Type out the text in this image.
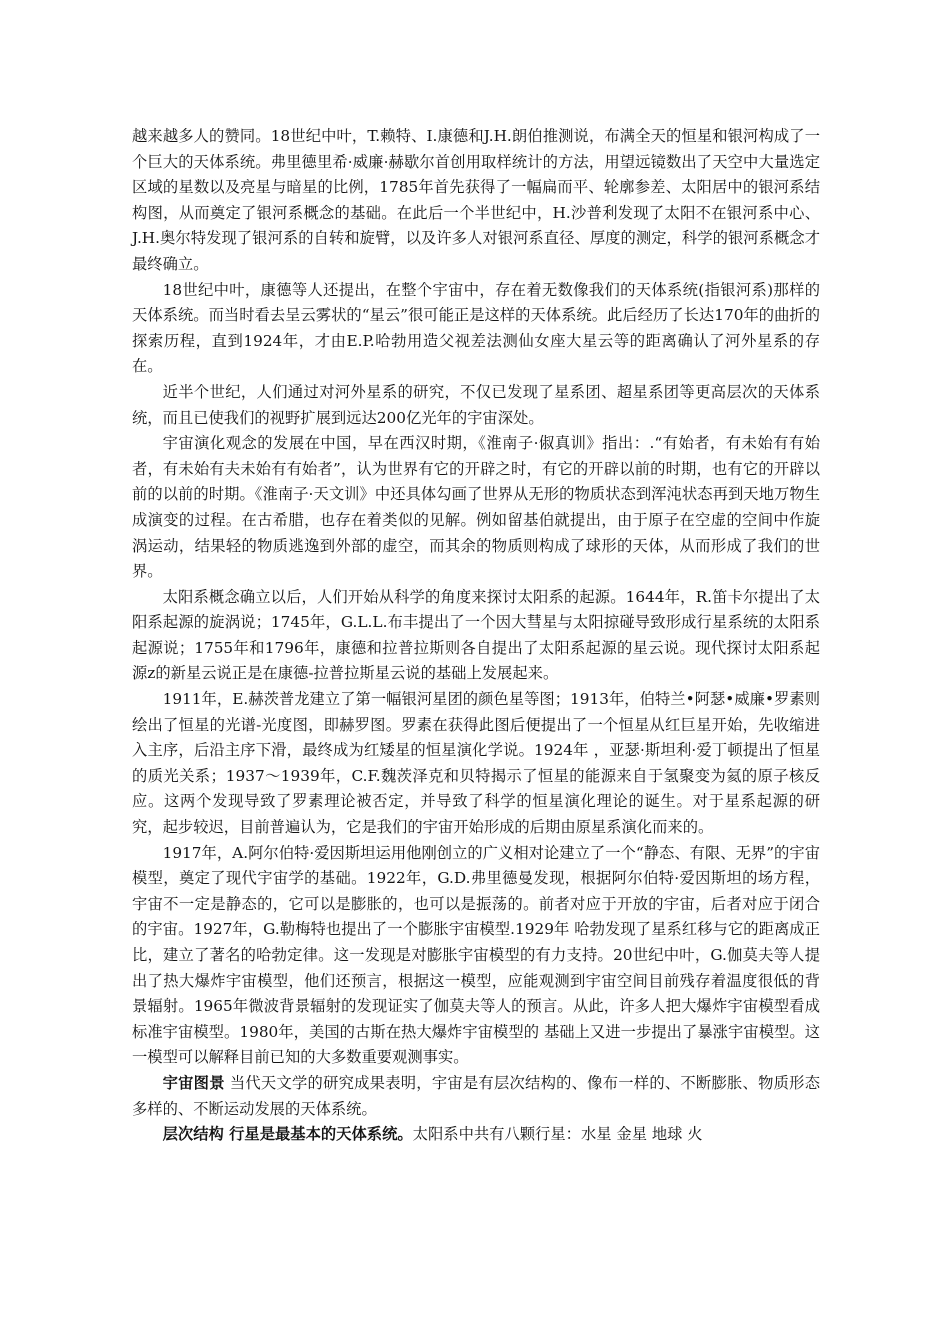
越来越多人的赞同。18世纪中叶，T.赖特、I.康德和J.H.朗伯推测说，布满全天的恒星和银河构成了一个巨大的天体系统。弗里德里希·威廉·赫歇尔首创用取样统计的方法，用望远镜数出了天空中大量选定区域的星数以及亮星与暗星的比例，1785年首先获得了一幅扁而平、轮廓参差、太阳居中的银河系结构图，从而奠定了银河系概念的基础。在此后一个半世纪中，H.沙普利发现了太阳不在银河系中心、J.H.奥尔特发现了银河系的自转和旋臂，以及许多人对银河系直径、厚度的测定，科学的银河系概念才最终确立。

18世纪中叶，康德等人还提出，在整个宇宙中，存在着无数像我们的天体系统(指银河系)那样的天体系统。而当时看去呈云雾状的“星云”很可能正是这样的天体系统。此后经历了长达170年的曲折的探索历程，直到1924年，才由E.P.哈勃用造父视差法测仙女座大星云等的距离确认了河外星系的存在。

近半个世纪，人们通过对河外星系的研究，不仅已发现了星系团、超星系团等更高层次的天体系统，而且已使我们的视野扩展到远达200亿光年的宇宙深处。

宇宙演化观念的发展在中国，早在西汉时期，《淮南子·俶真训》指出：.“有始者，有未始有有始者，有未始有夫未始有有始者”，认为世界有它的开辟之时，有它的开辟以前的时期，也有它的开辟以前的以前的时期。《淮南子·天文训》中还具体勾画了世界从无形的物质状态到浑沌状态再到天地万物生成演变的过程。在古希腊，也存在着类似的见解。例如留基伯就提出，由于原子在空虚的空间中作旋涡运动，结果轻的物质逃逸到外部的虚空，而其余的物质则构成了球形的天体，从而形成了我们的世界。

太阳系概念确立以后，人们开始从科学的角度来探讨太阳系的起源。1644年，R.笛卡尔提出了太阳系起源的旋涡说；1745年，G.L.L.布丰提出了一个因大彗星与太阳掠碰导致形成行星系统的太阳系起源说；1755年和1796年，康德和拉普拉斯则各自提出了太阳系起源的星云说。现代探讨太阳系起源z的新星云说正是在康德-拉普拉斯星云说的基础上发展起来。

1911年，E.赫茨普龙建立了第一幅银河星团的颜色星等图；1913年，伯特兰•阿瑟•威廉•罗素则绘出了恒星的光谱-光度图，即赫罗图。罗素在获得此图后便提出了一个恒星从红巨星开始，先收缩进入主序，后沿主序下滑，最终成为红矮星的恒星演化学说。1924年 ，亚瑟·斯坦利·爱丁顿提出了恒星的质光关系；1937～1939年，C.F.魏茨泽克和贝特揭示了恒星的能源来自于氢聚变为氦的原子核反应。这两个发现导致了罗素理论被否定，并导致了科学的恒星演化理论的诞生。对于星系起源的研究，起步较迟，目前普遍认为，它是我们的宇宙开始形成的后期由原星系演化而来的。

1917年，A.阿尔伯特·爱因斯坦运用他刚创立的广义相对论建立了一个“静态、有限、无界”的宇宙模型，奠定了现代宇宙学的基础。1922年，G.D.弗里德曼发现，根据阿尔伯特·爱因斯坦的场方程，宇宙不一定是静态的，它可以是膨胀的，也可以是振荡的。前者对应于开放的宇宙，后者对应于闭合的宇宙。1927年，G.勒梅特也提出了一个膨胀宇宙模型.1929年 哈勃发现了星系红移与它的距离成正比，建立了著名的哈勃定律。这一发现是对膨胀宇宙模型的有力支持。20世纪中叶，G.伽莫夫等人提出了热大爆炸宇宙模型，他们还预言，根据这一模型，应能观测到宇宙空间目前残存着温度很低的背景辐射。1965年微波背景辐射的发现证实了伽莫夫等人的预言。从此，许多人把大爆炸宇宙模型看成标准宇宙模型。1980年，美国的古斯在热大爆炸宇宙模型的 基础上又进一步提出了暴涨宇宙模型。这一模型可以解释目前已知的大多数重要观测事实。

宇宙图景 当代天文学的研究成果表明，宇宙是有层次结构的、像布一样的、不断膨胀、物质形态多样的、不断运动发展的天体系统。

层次结构 行星是最基本的天体系统。太阳系中共有八颗行星：水星 金星 地球 火
